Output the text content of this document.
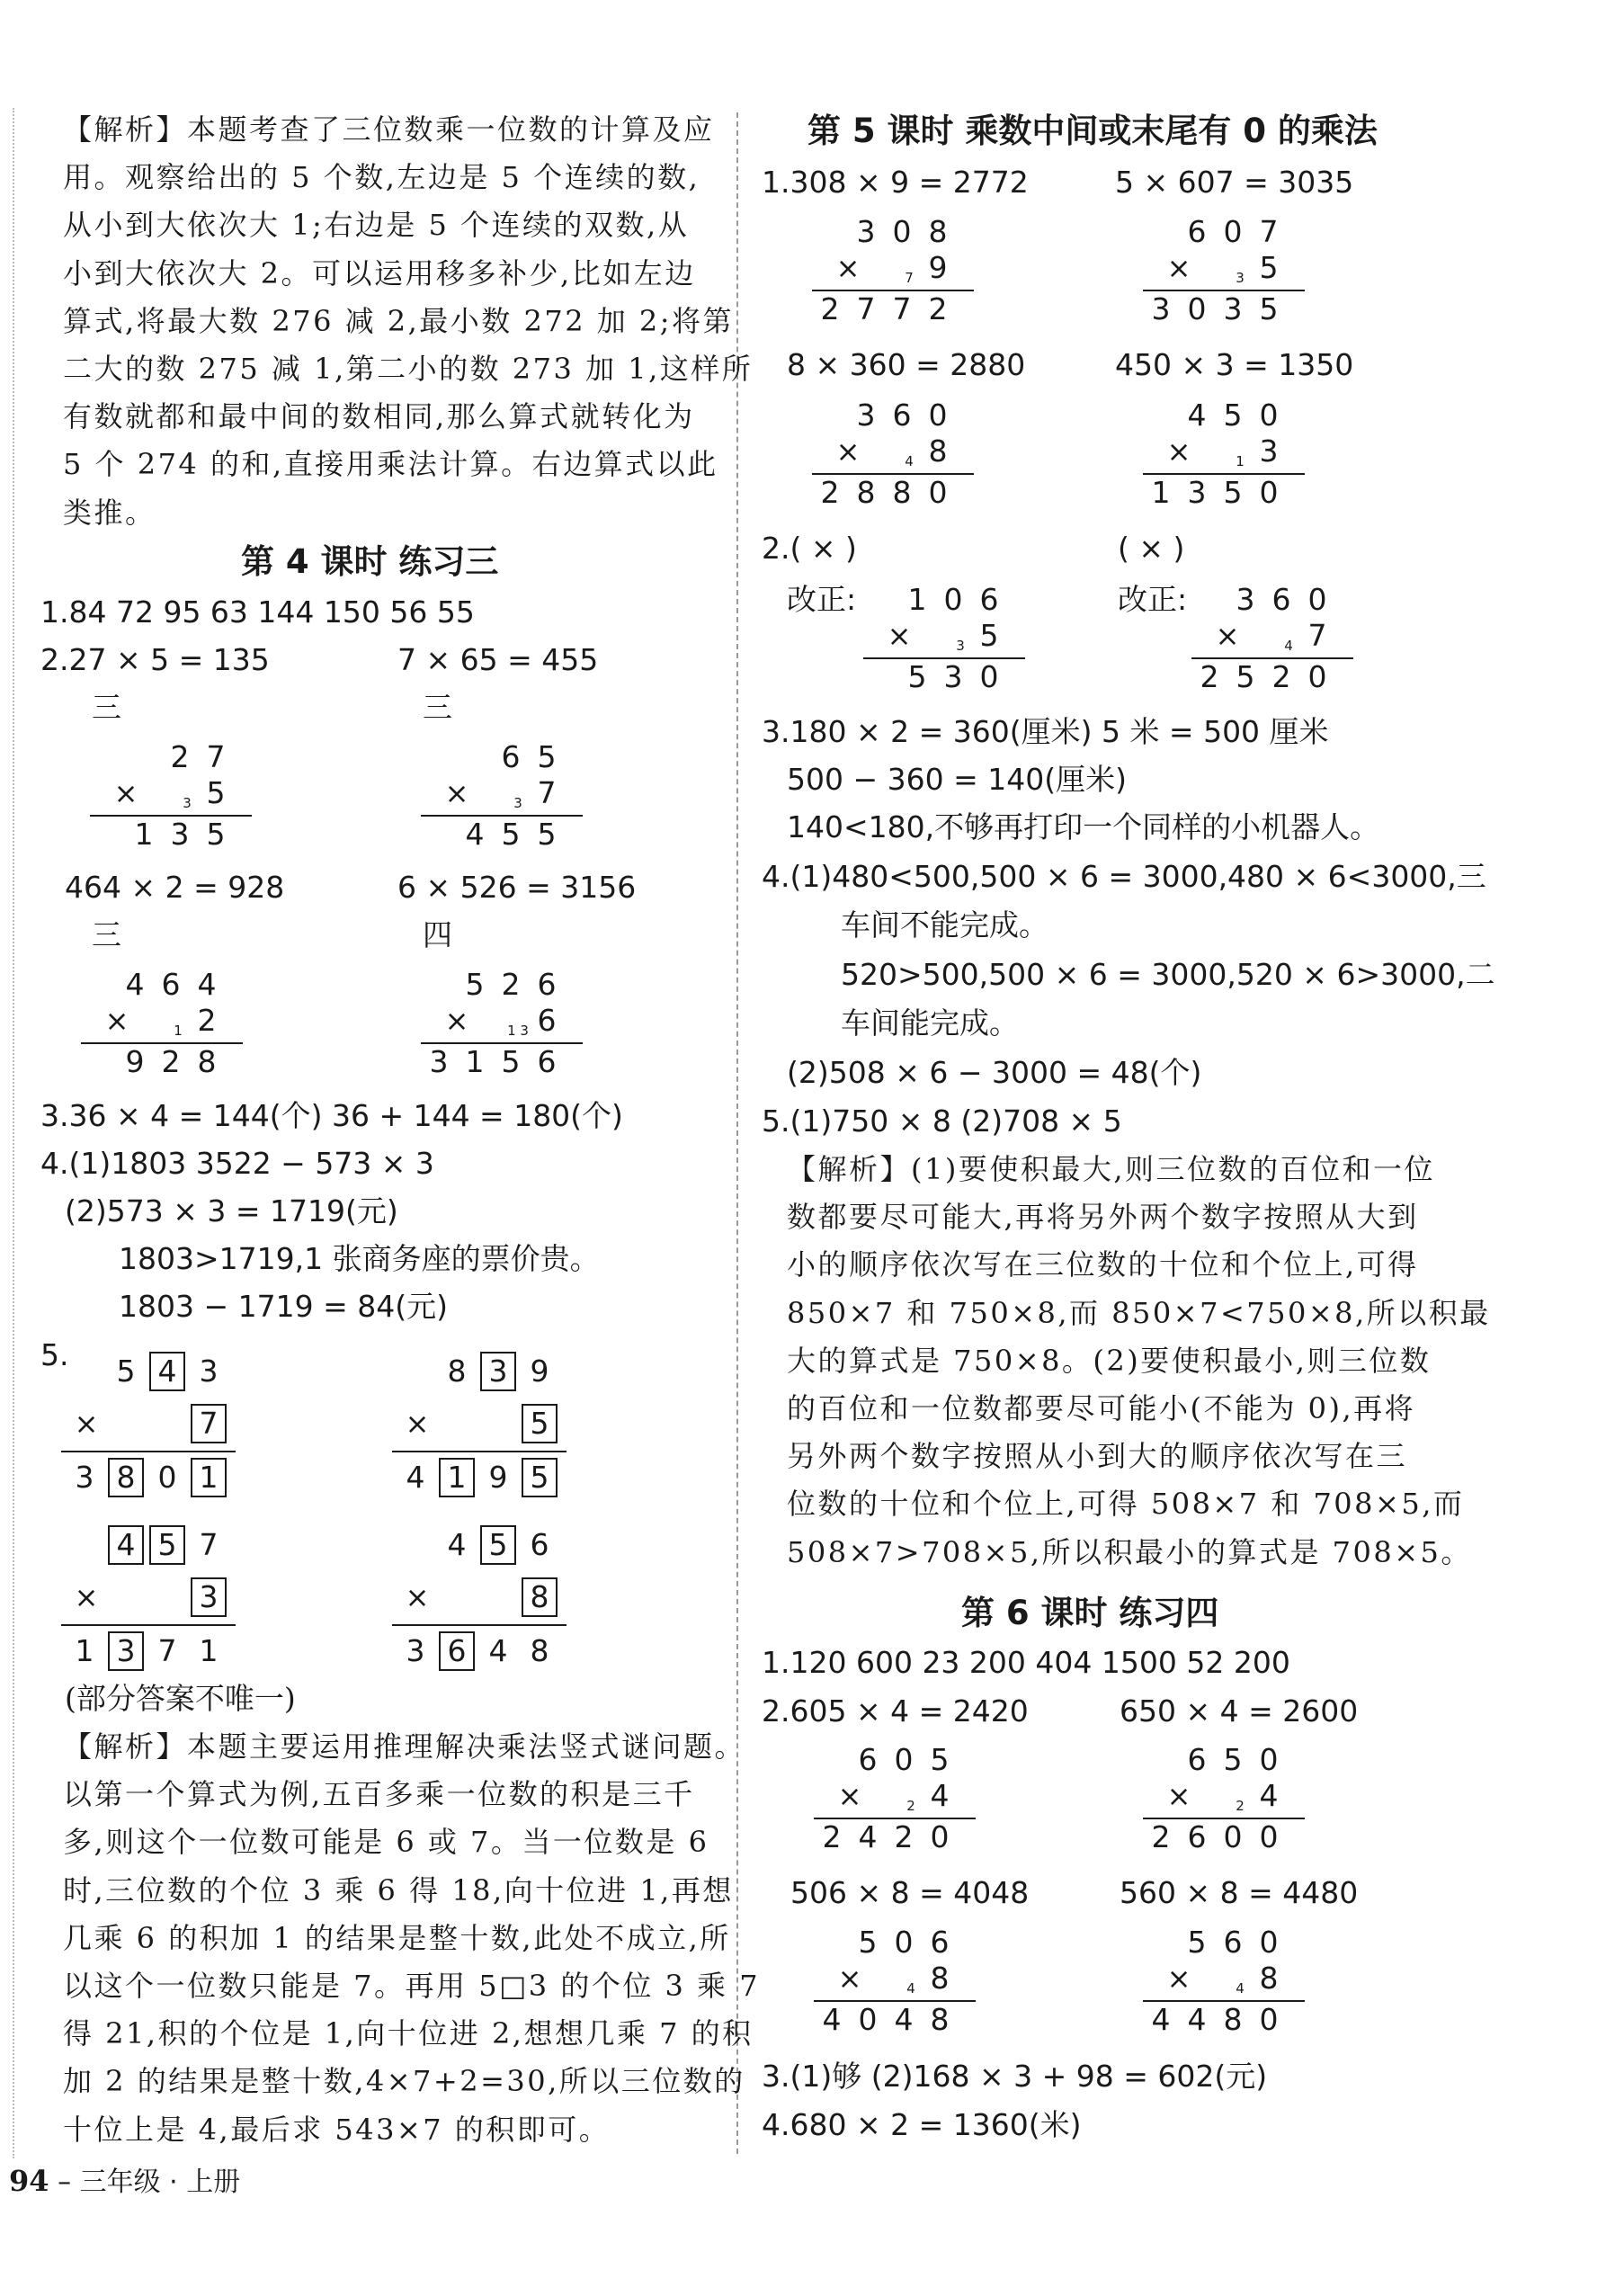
【解析】本题考查了三位数乘一位数的计算及应

用。观察给出的 5 个数,左边是 5 个连续的数,

从小到大依次大 1;右边是 5 个连续的双数,从

小到大依次大 2。可以运用移多补少,比如左边

算式,将最大数 276 减 2,最小数 272 加 2;将第

二大的数 275 减 1,第二小的数 273 加 1,这样所

有数就都和最中间的数相同,那么算式就转化为

5 个 274 的和,直接用乘法计算。右边算式以此

类推。

第 4 课时 练习三
1.84 72 95 63 144 150 56 55
2.27 × 5 = 135	7 × 65 = 455
三	三
2 7
×	3 5
1 3 5
6 5
×	3 7
4 5 5
464 × 2 = 928	6 × 526 = 3156
三	四
4 6 4
×	1 2
9 2 8
5 2 6
×	1 3 6
3 1 5 6
3.36 × 4 = 144(个) 36 + 144 = 180(个)
4.(1)1803 3522 − 573 × 3
(2)573 × 3 = 1719(元)
1803>1719,1 张商务座的票价贵。
1803 − 1719 = 84(元)
5. 5 4 3
×	7
3 8 0 1
8 3 9
×	5
4 1 9 5
4 5 7
×	3
1 3 7 1
4 5 6
×	8
3 6 4 8
(部分答案不唯一)

【解析】本题主要运用推理解决乘法竖式谜问题。

以第一个算式为例,五百多乘一位数的积是三千

多,则这个一位数可能是 6 或 7。当一位数是 6

时,三位数的个位 3 乘 6 得 18,向十位进 1,再想

几乘 6 的积加 1 的结果是整十数,此处不成立,所

以这个一位数只能是 7。再用 5□3 的个位 3 乘 7

得 21,积的个位是 1,向十位进 2,想想几乘 7 的积

加 2 的结果是整十数,4×7+2=30,所以三位数的

十位上是 4,最后求 543×7 的积即可。

第 5 课时 乘数中间或末尾有 0 的乘法
1.308 × 9 = 2772	5 × 607 = 3035
3 0 8
×	7 9
2 7 7 2
6 0 7
×	3 5
3 0 3 5
8 × 360 = 2880	450 × 3 = 1350
3 6 0
×	4 8
2 8 8 0
4 5 0
×	1 3
1 3 5 0
2.( × )	( × )
改正:	改正:
1 0 6
×	3 5
5 3 0
3 6 0
×	4 7
2 5 2 0
3.180 × 2 = 360(厘米) 5 米 = 500 厘米
500 − 360 = 140(厘米)
140<180,不够再打印一个同样的小机器人。
4.(1)480<500,500 × 6 = 3000,480 × 6<3000,三
车间不能完成。
520>500,500 × 6 = 3000,520 × 6>3000,二
车间能完成。
(2)508 × 6 − 3000 = 48(个)
5.(1)750 × 8 (2)708 × 5

【解析】(1)要使积最大,则三位数的百位和一位

数都要尽可能大,再将另外两个数字按照从大到

小的顺序依次写在三位数的十位和个位上,可得

850×7 和 750×8,而 850×7<750×8,所以积最

大的算式是 750×8。(2)要使积最小,则三位数

的百位和一位数都要尽可能小(不能为 0),再将

另外两个数字按照从小到大的顺序依次写在三

位数的十位和个位上,可得 508×7 和 708×5,而

508×7>708×5,所以积最小的算式是 708×5。

第 6 课时 练习四
1.120 600 23 200 404 1500 52 200
2.605 × 4 = 2420	650 × 4 = 2600
6 0 5
×	2 4
2 4 2 0
6 5 0
×	2 4
2 6 0 0
506 × 8 = 4048	560 × 8 = 4480
5 0 6
×	4 8
4 0 4 8
5 6 0
×	4 8
4 4 8 0
3.(1)够 (2)168 × 3 + 98 = 602(元)
4.680 × 2 = 1360(米)
94 – 三年级 · 上册
